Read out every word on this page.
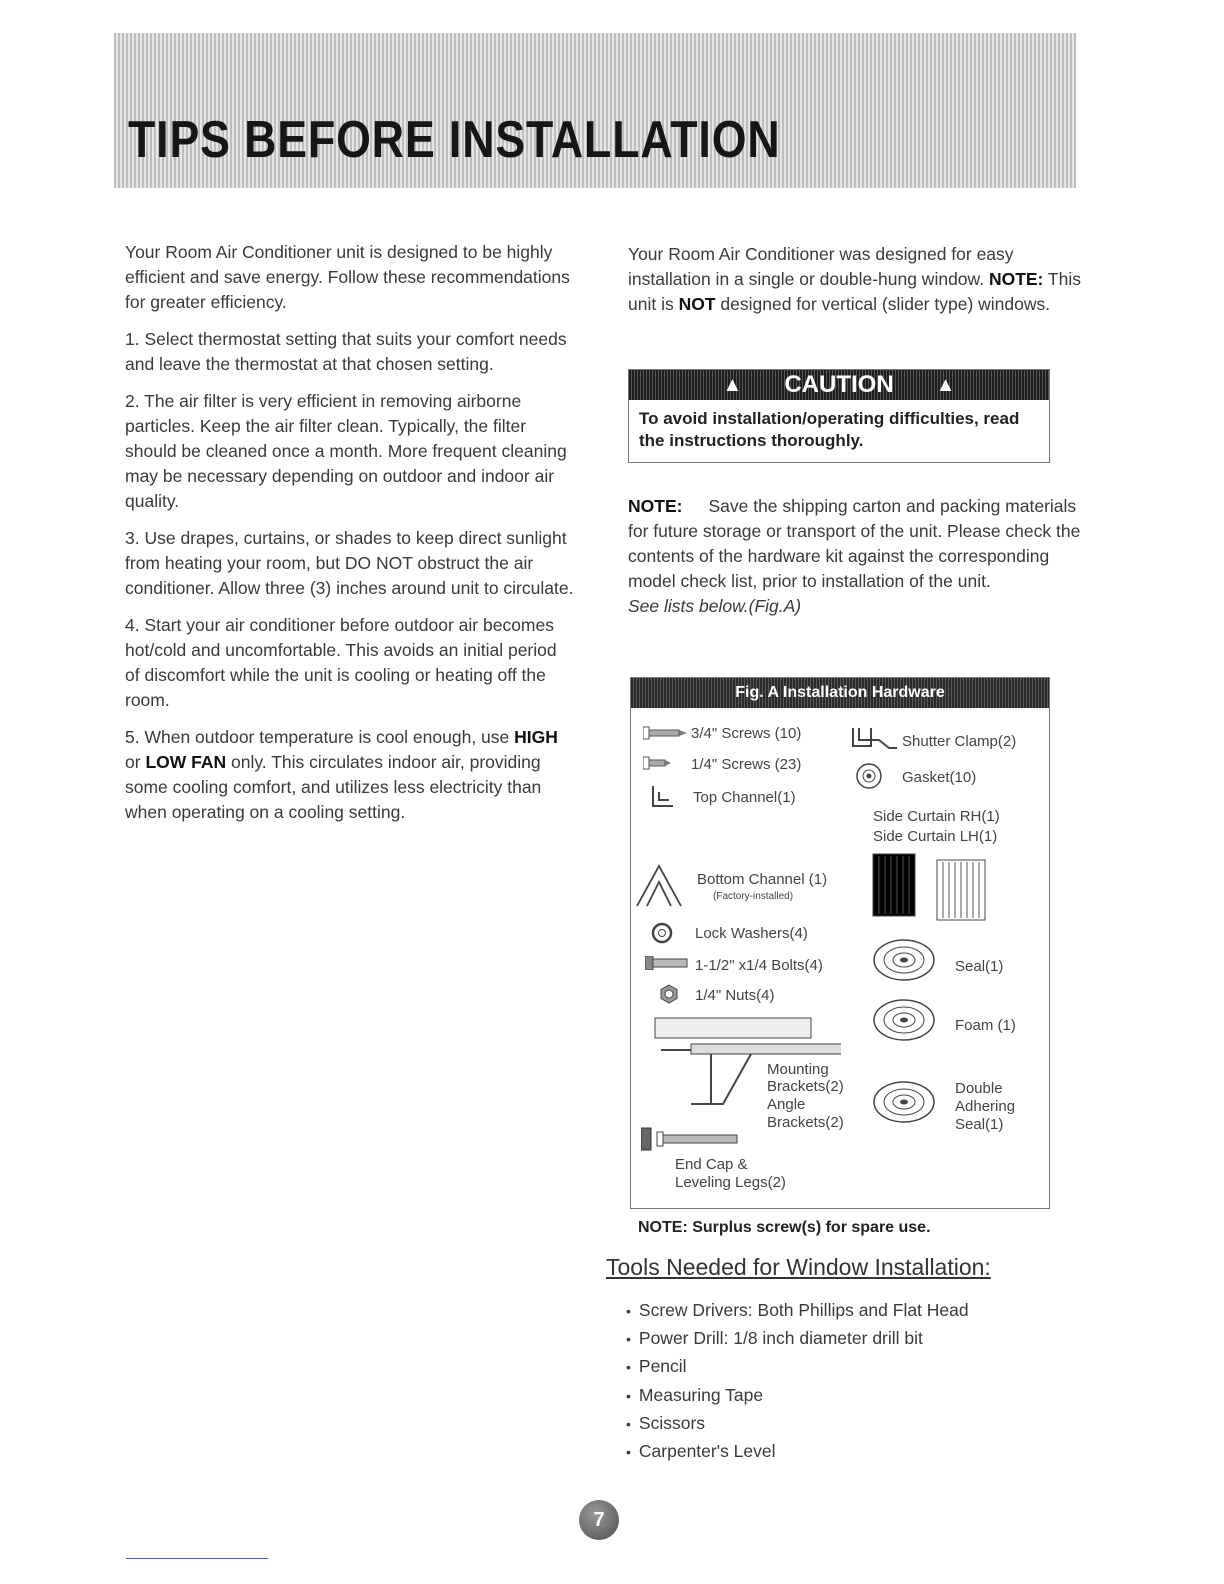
TIPS BEFORE INSTALLATION

Your Room Air Conditioner unit is designed to be highly efficient and save energy. Follow these recommendations for greater efficiency.

1. Select thermostat setting that suits your comfort needs and leave the thermostat at that chosen setting.

2. The air filter is very efficient in removing airborne particles. Keep the air filter clean. Typically, the filter should be cleaned once a month. More frequent cleaning may be necessary depending on outdoor and indoor air quality.

3. Use drapes, curtains, or shades to keep direct sunlight from heating your room, but DO NOT obstruct the air conditioner. Allow three (3) inches around unit to circulate.

4. Start your air conditioner before outdoor air becomes hot/cold and uncomfortable. This avoids an initial period of discomfort while the unit is cooling or heating off the room.

5. When outdoor temperature is cool enough, use HIGH or LOW FAN only. This circulates indoor air, providing some cooling comfort, and utilizes less electricity than when operating on a cooling setting.

Your Room Air Conditioner was designed for easy installation in a single or double-hung window. NOTE: This unit is NOT designed for vertical (slider type) windows.

▲ CAUTION ▲
To avoid installation/operating difficulties, read the instructions thoroughly.
NOTE: Save the shipping carton and packing materials for future storage or transport of the unit. Please check the contents of the hardware kit against the corresponding model check list, prior to installation of the unit.
See lists below.(Fig.A)
Fig. A Installation Hardware
3/4" Screws (10)
1/4" Screws (23)
Top Channel(1)
Bottom Channel (1)
(Factory-installed)
Lock Washers(4)
1-1/2" x1/4 Bolts(4)
1/4" Nuts(4)
Mounting
Brackets(2)
Angle
Brackets(2)
End Cap &
Leveling Legs(2)
Shutter Clamp(2)
Gasket(10)
Side Curtain RH(1)
Side Curtain LH(1)
Seal(1)
Foam (1)
Double
Adhering
Seal(1)
NOTE: Surplus screw(s) for spare use.
Tools Needed for Window Installation:
• Screw Drivers: Both Phillips and Flat Head
• Power Drill: 1/8 inch diameter drill bit
• Pencil
• Measuring Tape
• Scissors
• Carpenter's Level
7
